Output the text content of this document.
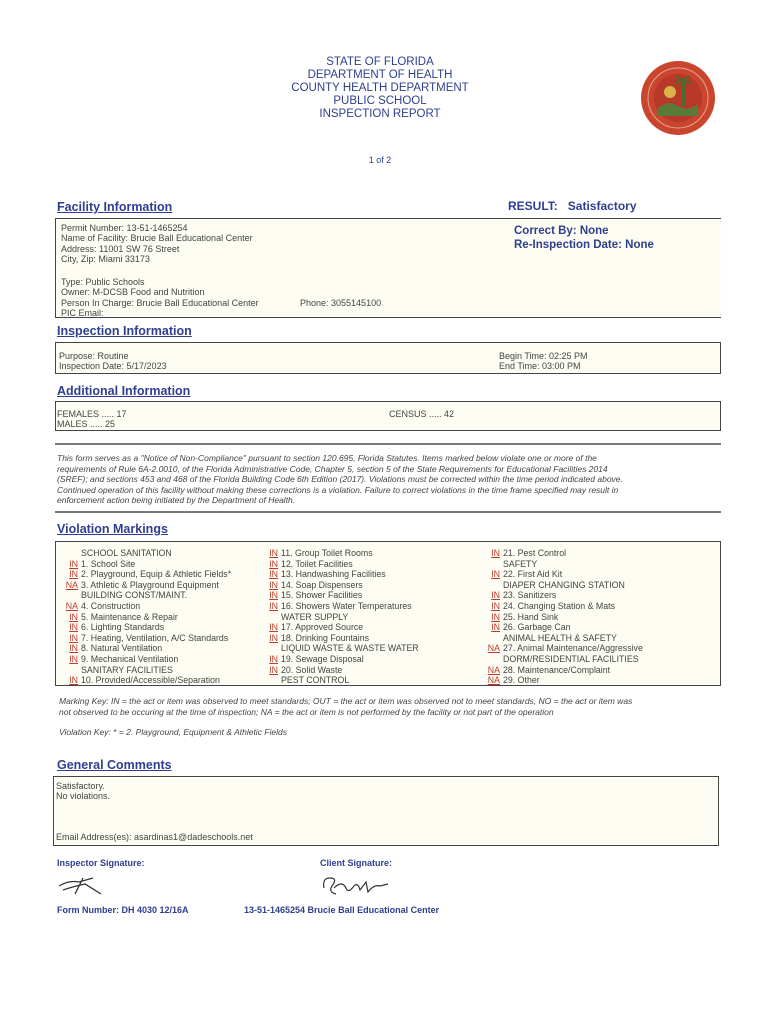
STATE OF FLORIDA
DEPARTMENT OF HEALTH
COUNTY HEALTH DEPARTMENT
PUBLIC SCHOOL
INSPECTION REPORT
1 of 2
Facility Information	RESULT: Satisfactory
Permit Number: 13-51-1465254
Name of Facility: Brucie Ball Educational Center
Address: 11001 SW 76 Street
City, Zip: Miami 33173
Type: Public Schools
Owner: M-DCSB Food and Nutrition
Person In Charge: Brucie Ball Educational Center
PIC Email:
Phone: 3055145100
Correct By: None
Re-Inspection Date: None
Inspection Information
Purpose: Routine
Inspection Date: 5/17/2023
Begin Time: 02:25 PM
End Time: 03:00 PM
Additional Information
FEMALES ..... 17
MALES ..... 25
CENSUS ..... 42
This form serves as a "Notice of Non-Compliance" pursuant to section 120.695, Florida Statutes. Items marked below violate one or more of the
requirements of Rule 6A-2.0010, of the Florida Administrative Code, Chapter 5, section 5 of the State Requirements for Educational Facilities 2014
(SREF); and sections 453 and 468 of the Florida Building Code 6th Edition (2017). Violations must be corrected within the time period indicated above.
Continued operation of this facility without making these corrections is a violation. Failure to correct violations in the time frame specified may result in
enforcement action being initiated by the Department of Health.
Violation Markings
SCHOOL SANITATION
IN 1. School Site
IN 2. Playground, Equip & Athletic Fields*
NA 3. Athletic & Playground Equipment
BUILDING CONST/MAINT.
NA 4. Construction
IN 5. Maintenance & Repair
IN 6. Lighting Standards
IN 7. Heating, Ventilation, A/C Standards
IN 8. Natural Ventilation
IN 9. Mechanical Ventilation
SANITARY FACILITIES
IN 10. Provided/Accessible/Separation
IN 11. Group Toilet Rooms
IN 12. Toilet Facilities
IN 13. Handwashing Facilities
IN 14. Soap Dispensers
IN 15. Shower Facilities
IN 16. Showers Water Temperatures
WATER SUPPLY
IN 17. Approved Source
IN 18. Drinking Fountains
LIQUID WASTE & WASTE WATER
IN 19. Sewage Disposal
IN 20. Solid Waste
PEST CONTROL
IN 21. Pest Control
SAFETY
IN 22. First Aid Kit
DIAPER CHANGING STATION
IN 23. Sanitizers
IN 24. Changing Station & Mats
IN 25. Hand Sink
IN 26. Garbage Can
ANIMAL HEALTH & SAFETY
NA 27. Animal Maintenance/Aggressive
DORM/RESIDENTIAL FACILITIES
NA 28. Maintenance/Complaint
NA 29. Other
Marking Key: IN = the act or item was observed to meet standards; OUT = the act or item was observed not to meet standards, NO = the act or item was
not observed to be occuring at the time of inspection; NA = the act or item is not performed by the facility or not part of the operation
Violation Key: * = 2. Playground, Equipment & Athletic Fields
General Comments
Satisfactory.
No violations.
Email Address(es): asardinas1@dadeschools.net
Inspector Signature:	Client Signature:
Form Number: DH 4030 12/16A	13-51-1465254 Brucie Ball Educational Center
